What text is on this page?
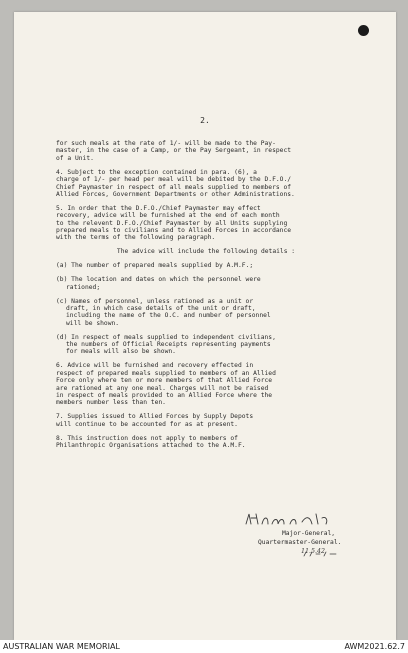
2.

for such meals at the rate of 1/- will be made to the Pay-
master, in the case of a Camp, or the Pay Sergeant, in respect
of a Unit.

4. Subject to the exception contained in para. (6), a
charge of 1/- per head per meal will be debited by the D.F.O./
Chief Paymaster in respect of all meals supplied to members of
Allied Forces, Government Departments or other Administrations.

5. In order that the D.F.O./Chief Paymaster may effect
recovery, advice will be furnished at the end of each month
to the relevent D.F.O./Chief Paymaster by all Units supplying
prepared meals to civilians and to Allied Forces in accordance
with the terms of the following paragraph.

The advice will include the following details :

(a) The number of prepared meals supplied by A.M.F.;

(b) The location and dates on which the personnel were
rationed;

(c) Names of personnel, unless rationed as a unit or
draft, in which case details of the unit or draft,
including the name of the O.C. and number of personnel
will be shown.

(d) In respect of meals supplied to independent civilians,
the numbers of Official Receipts representing payments
for meals will also be shown.

6. Advice will be furnished and recovery effected in
respect of prepared meals supplied to members of an Allied
Force only where ten or more members of that Allied Force
are rationed at any one meal. Charges will not be raised
in respect of meals provided to an Allied Force where the
members number less than ten.

7. Supplies issued to Allied Forces by Supply Depots
will continue to be accounted for as at present.

8. This instruction does not apply to members of
Philanthropic Organisations attached to the A.M.F.

Major-General,
Quartermaster-General.
11.5.42
AUSTRALIAN WAR MEMORIAL	AWM2021.62.7
